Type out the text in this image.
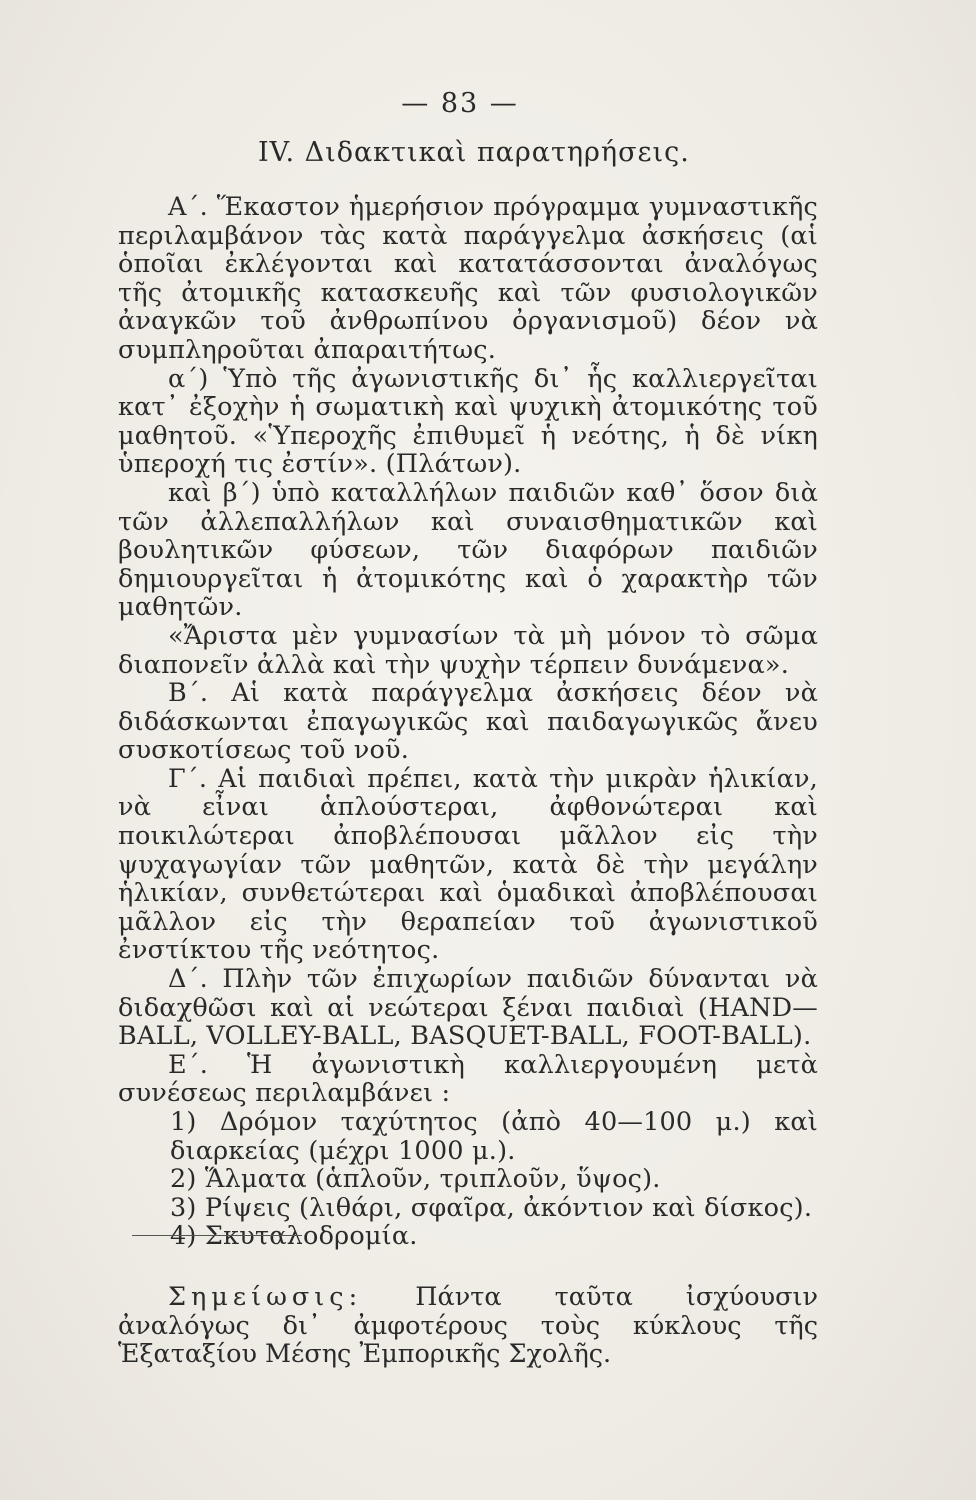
— 83 —
IV. Διδακτικαὶ παρατηρήσεις.

Α΄. Ἕκαστον ἡμερήσιον πρόγραμμα γυμναστικῆς περιλαμβάνον τὰς κατὰ παράγγελμα ἀσκήσεις (αἱ ὁποῖαι ἐκλέγονται καὶ κατατάσσονται ἀναλόγως τῆς ἀτομικῆς κατασκευῆς καὶ τῶν φυσιολογικῶν ἀναγκῶν τοῦ ἀνθρωπίνου ὀργανισμοῦ) δέον νὰ συμπληροῦται ἀπαραιτήτως.

α΄) Ὑπὸ τῆς ἀγωνιστικῆς δι᾽ ἧς καλλιεργεῖται κατ᾽ ἐξοχὴν ἡ σωματικὴ καὶ ψυχικὴ ἀτομικότης τοῦ μαθητοῦ. «Ὑπεροχῆς ἐπιθυμεῖ ἡ νεότης, ἡ δὲ νίκη ὑπεροχή τις ἐστίν». (Πλάτων).

καὶ β΄) ὑπὸ καταλλήλων παιδιῶν καθ᾽ ὅσον διὰ τῶν ἀλλεπαλλήλων καὶ συναισθηματικῶν καὶ βουλητικῶν φύσεων, τῶν διαφόρων παιδιῶν δημιουργεῖται ἡ ἀτομικότης καὶ ὁ χαρακτὴρ τῶν μαθητῶν.

«Ἄριστα μὲν γυμνασίων τὰ μὴ μόνον τὸ σῶμα διαπονεῖν ἀλλὰ καὶ τὴν ψυχὴν τέρπειν δυνάμενα».

Β΄. Αἱ κατὰ παράγγελμα ἀσκήσεις δέον νὰ διδάσκωνται ἐπαγωγικῶς καὶ παιδαγωγικῶς ἄνευ συσκοτίσεως τοῦ νοῦ.

Γ΄. Αἱ παιδιαὶ πρέπει, κατὰ τὴν μικρὰν ἡλικίαν, νὰ εἶναι ἁπλούστεραι, ἀφθονώτεραι καὶ ποικιλώτεραι ἀποβλέπουσαι μᾶλλον εἰς τὴν ψυχαγωγίαν τῶν μαθητῶν, κατὰ δὲ τὴν μεγάλην ἡλικίαν, συνθετώτεραι καὶ ὁμαδικαὶ ἀποβλέπουσαι μᾶλλον εἰς τὴν θεραπείαν τοῦ ἀγωνιστικοῦ ἐνστίκτου τῆς νεότητος.

Δ΄. Πλὴν τῶν ἐπιχωρίων παιδιῶν δύνανται νὰ διδαχθῶσι καὶ αἱ νεώτεραι ξέναι παιδιαὶ (HAND—BALL, VOLLEY-BALL, BASQUET-BALL, FOOT-BALL).

Ε΄. Ἡ ἀγωνιστικὴ καλλιεργουμένη μετὰ συνέσεως περιλαμβάνει :

1) Δρόμον ταχύτητος (ἀπὸ 40—100 μ.) καὶ διαρκείας (μέχρι 1000 μ.).

2) Ἅλματα (ἁπλοῦν, τριπλοῦν, ὕψος).

3) Ρίψεις (λιθάρι, σφαῖρα, ἀκόντιον καὶ δίσκος).

4) Σκυταλοδρομία.

Σημείωσις: Πάντα ταῦτα ἰσχύουσιν ἀναλόγως δι᾽ ἀμφοτέρους τοὺς κύκλους τῆς Ἑξαταξίου Μέσης Ἐμπορικῆς Σχολῆς.
